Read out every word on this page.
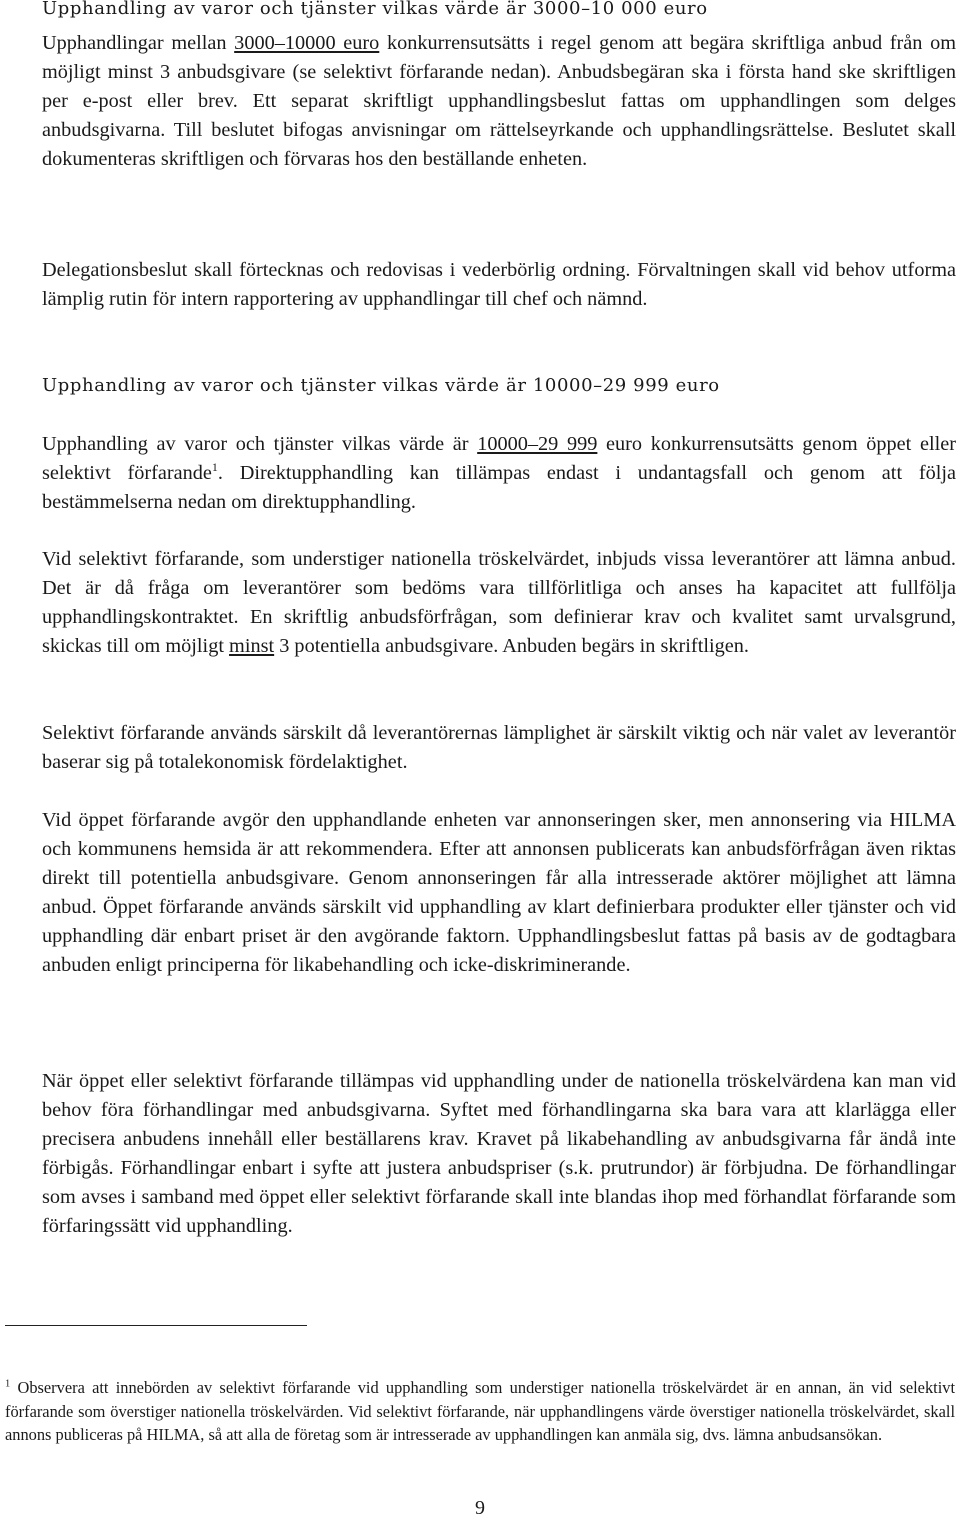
Upphandling av varor och tjänster vilkas värde är 3000–10 000 euro

Upphandlingar mellan 3000–10000 euro konkurrensutsätts i regel genom att begära skriftliga anbud från om möjligt minst 3 anbudsgivare (se selektivt förfarande nedan). Anbudsbegäran ska i första hand ske skriftligen per e-post eller brev. Ett separat skriftligt upphandlingsbeslut fattas om upphandlingen som delges anbudsgivarna. Till beslutet bifogas anvisningar om rättelseyrkande och upphandlingsrättelse. Beslutet skall dokumenteras skriftligen och förvaras hos den beställande enheten.

Delegationsbeslut skall förtecknas och redovisas i vederbörlig ordning. Förvaltningen skall vid behov utforma lämplig rutin för intern rapportering av upphandlingar till chef och nämnd.

Upphandling av varor och tjänster vilkas värde är 10000–29 999 euro

Upphandling av varor och tjänster vilkas värde är 10000–29 999 euro konkurrensutsätts genom öppet eller selektivt förfarande$^1$. Direktupphandling kan tillämpas endast i undantagsfall och genom att följa bestämmelserna nedan om direktupphandling.

Vid selektivt förfarande, som understiger nationella tröskelvärdet, inbjuds vissa leverantörer att lämna anbud. Det är då fråga om leverantörer som bedöms vara tillförlitliga och anses ha kapacitet att fullfölja upphandlingskontraktet. En skriftlig anbudsförfrågan, som definierar krav och kvalitet samt urvalsgrund, skickas till om möjligt minst 3 potentiella anbudsgivare. Anbuden begärs in skriftligen.

Selektivt förfarande används särskilt då leverantörernas lämplighet är särskilt viktig och när valet av leverantör baserar sig på totalekonomisk fördelaktighet.

Vid öppet förfarande avgör den upphandlande enheten var annonseringen sker, men annonsering via HILMA och kommunens hemsida är att rekommendera. Efter att annonsen publicerats kan anbudsförfrågan även riktas direkt till potentiella anbudsgivare. Genom annonseringen får alla intresserade aktörer möjlighet att lämna anbud. Öppet förfarande används särskilt vid upphandling av klart definierbara produkter eller tjänster och vid upphandling där enbart priset är den avgörande faktorn. Upphandlingsbeslut fattas på basis av de godtagbara anbuden enligt principerna för likabehandling och icke-diskriminerande.

När öppet eller selektivt förfarande tillämpas vid upphandling under de nationella tröskelvärdena kan man vid behov föra förhandlingar med anbudsgivarna. Syftet med förhandlingarna ska bara vara att klarlägga eller precisera anbudens innehåll eller beställarens krav. Kravet på likabehandling av anbudsgivarna får ändå inte förbigås. Förhandlingar enbart i syfte att justera anbudspriser (s.k. prutrundor) är förbjudna. De förhandlingar som avses i samband med öppet eller selektivt förfarande skall inte blandas ihop med förhandlat förfarande som förfaringssätt vid upphandling.

$^1$ Observera att innebörden av selektivt förfarande vid upphandling som understiger nationella tröskelvärdet är en annan, än vid selektivt förfarande som överstiger nationella tröskelvärden. Vid selektivt förfarande, när upphandlingens värde överstiger nationella tröskelvärdet, skall annons publiceras på HILMA, så att alla de företag som är intresserade av upphandlingen kan anmäla sig, dvs. lämna anbudsansökan.

9
